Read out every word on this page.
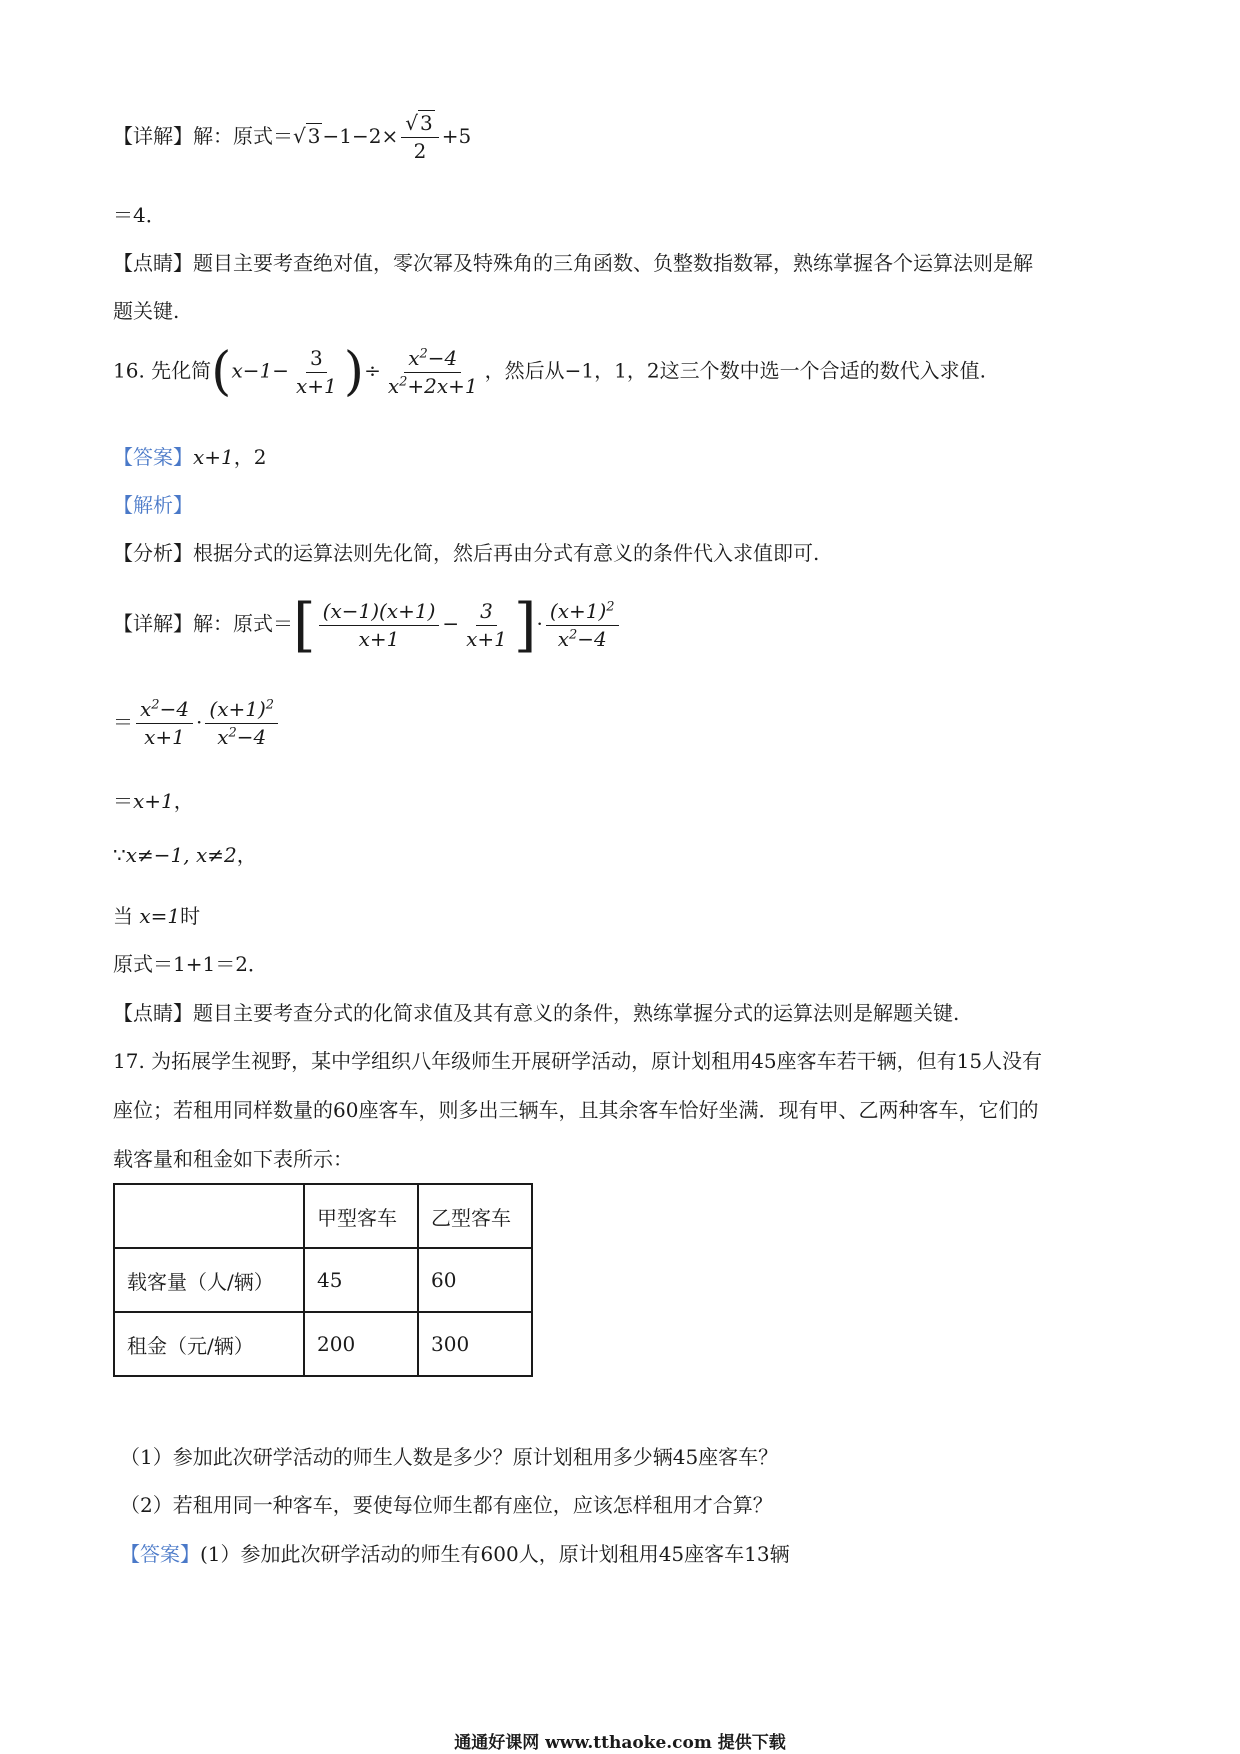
【详解】解：原式＝√ $3 -1-2\times \frac{√ 3}{2} +5$
＝4．
【点睛】题目主要考查绝对值，零次幂及特殊角的三角函数、负整数指数幂，熟练掌握各个运算法则是解
题关键.
16. 先化简($x-1- \frac{3}{x+1}$ )÷ $\frac{x^2-4}{x^2+2x+1}$ ，然后从−1，1，2这三个数中选一个合适的数代入求值.
【答案】x+1，2
【解析】
【分析】根据分式的运算法则先化简，然后再由分式有意义的条件代入求值即可.
【详解】解：原式＝[ $\frac{(x-1)(x+1)}{x+1} - \frac{3}{x+1}$ ]· $\frac{(x+1)^2}{x^2-4}$
＝ $\frac{x^2-4}{x+1} \cdot \frac{(x+1)^2}{x^2-4}$
＝x+1，
∵x≠−1, x≠2，
当 x=1时
原式＝1+1＝2．
【点睛】题目主要考查分式的化简求值及其有意义的条件，熟练掌握分式的运算法则是解题关键.
17. 为拓展学生视野，某中学组织八年级师生开展研学活动，原计划租用45座客车若干辆，但有15人没有
座位；若租用同样数量的60座客车，则多出三辆车，且其余客车恰好坐满．现有甲、乙两种客车，它们的
载客量和租金如下表所示：
	甲型客车	乙型客车
载客量（人/辆）	45	60
租金（元/辆）	200	300
（1）参加此次研学活动的师生人数是多少？原计划租用多少辆45座客车？
（2）若租用同一种客车，要使每位师生都有座位，应该怎样租用才合算？
【答案】(1）参加此次研学活动的师生有600人，原计划租用45座客车13辆
通通好课网 www.tthaoke.com 提供下载
